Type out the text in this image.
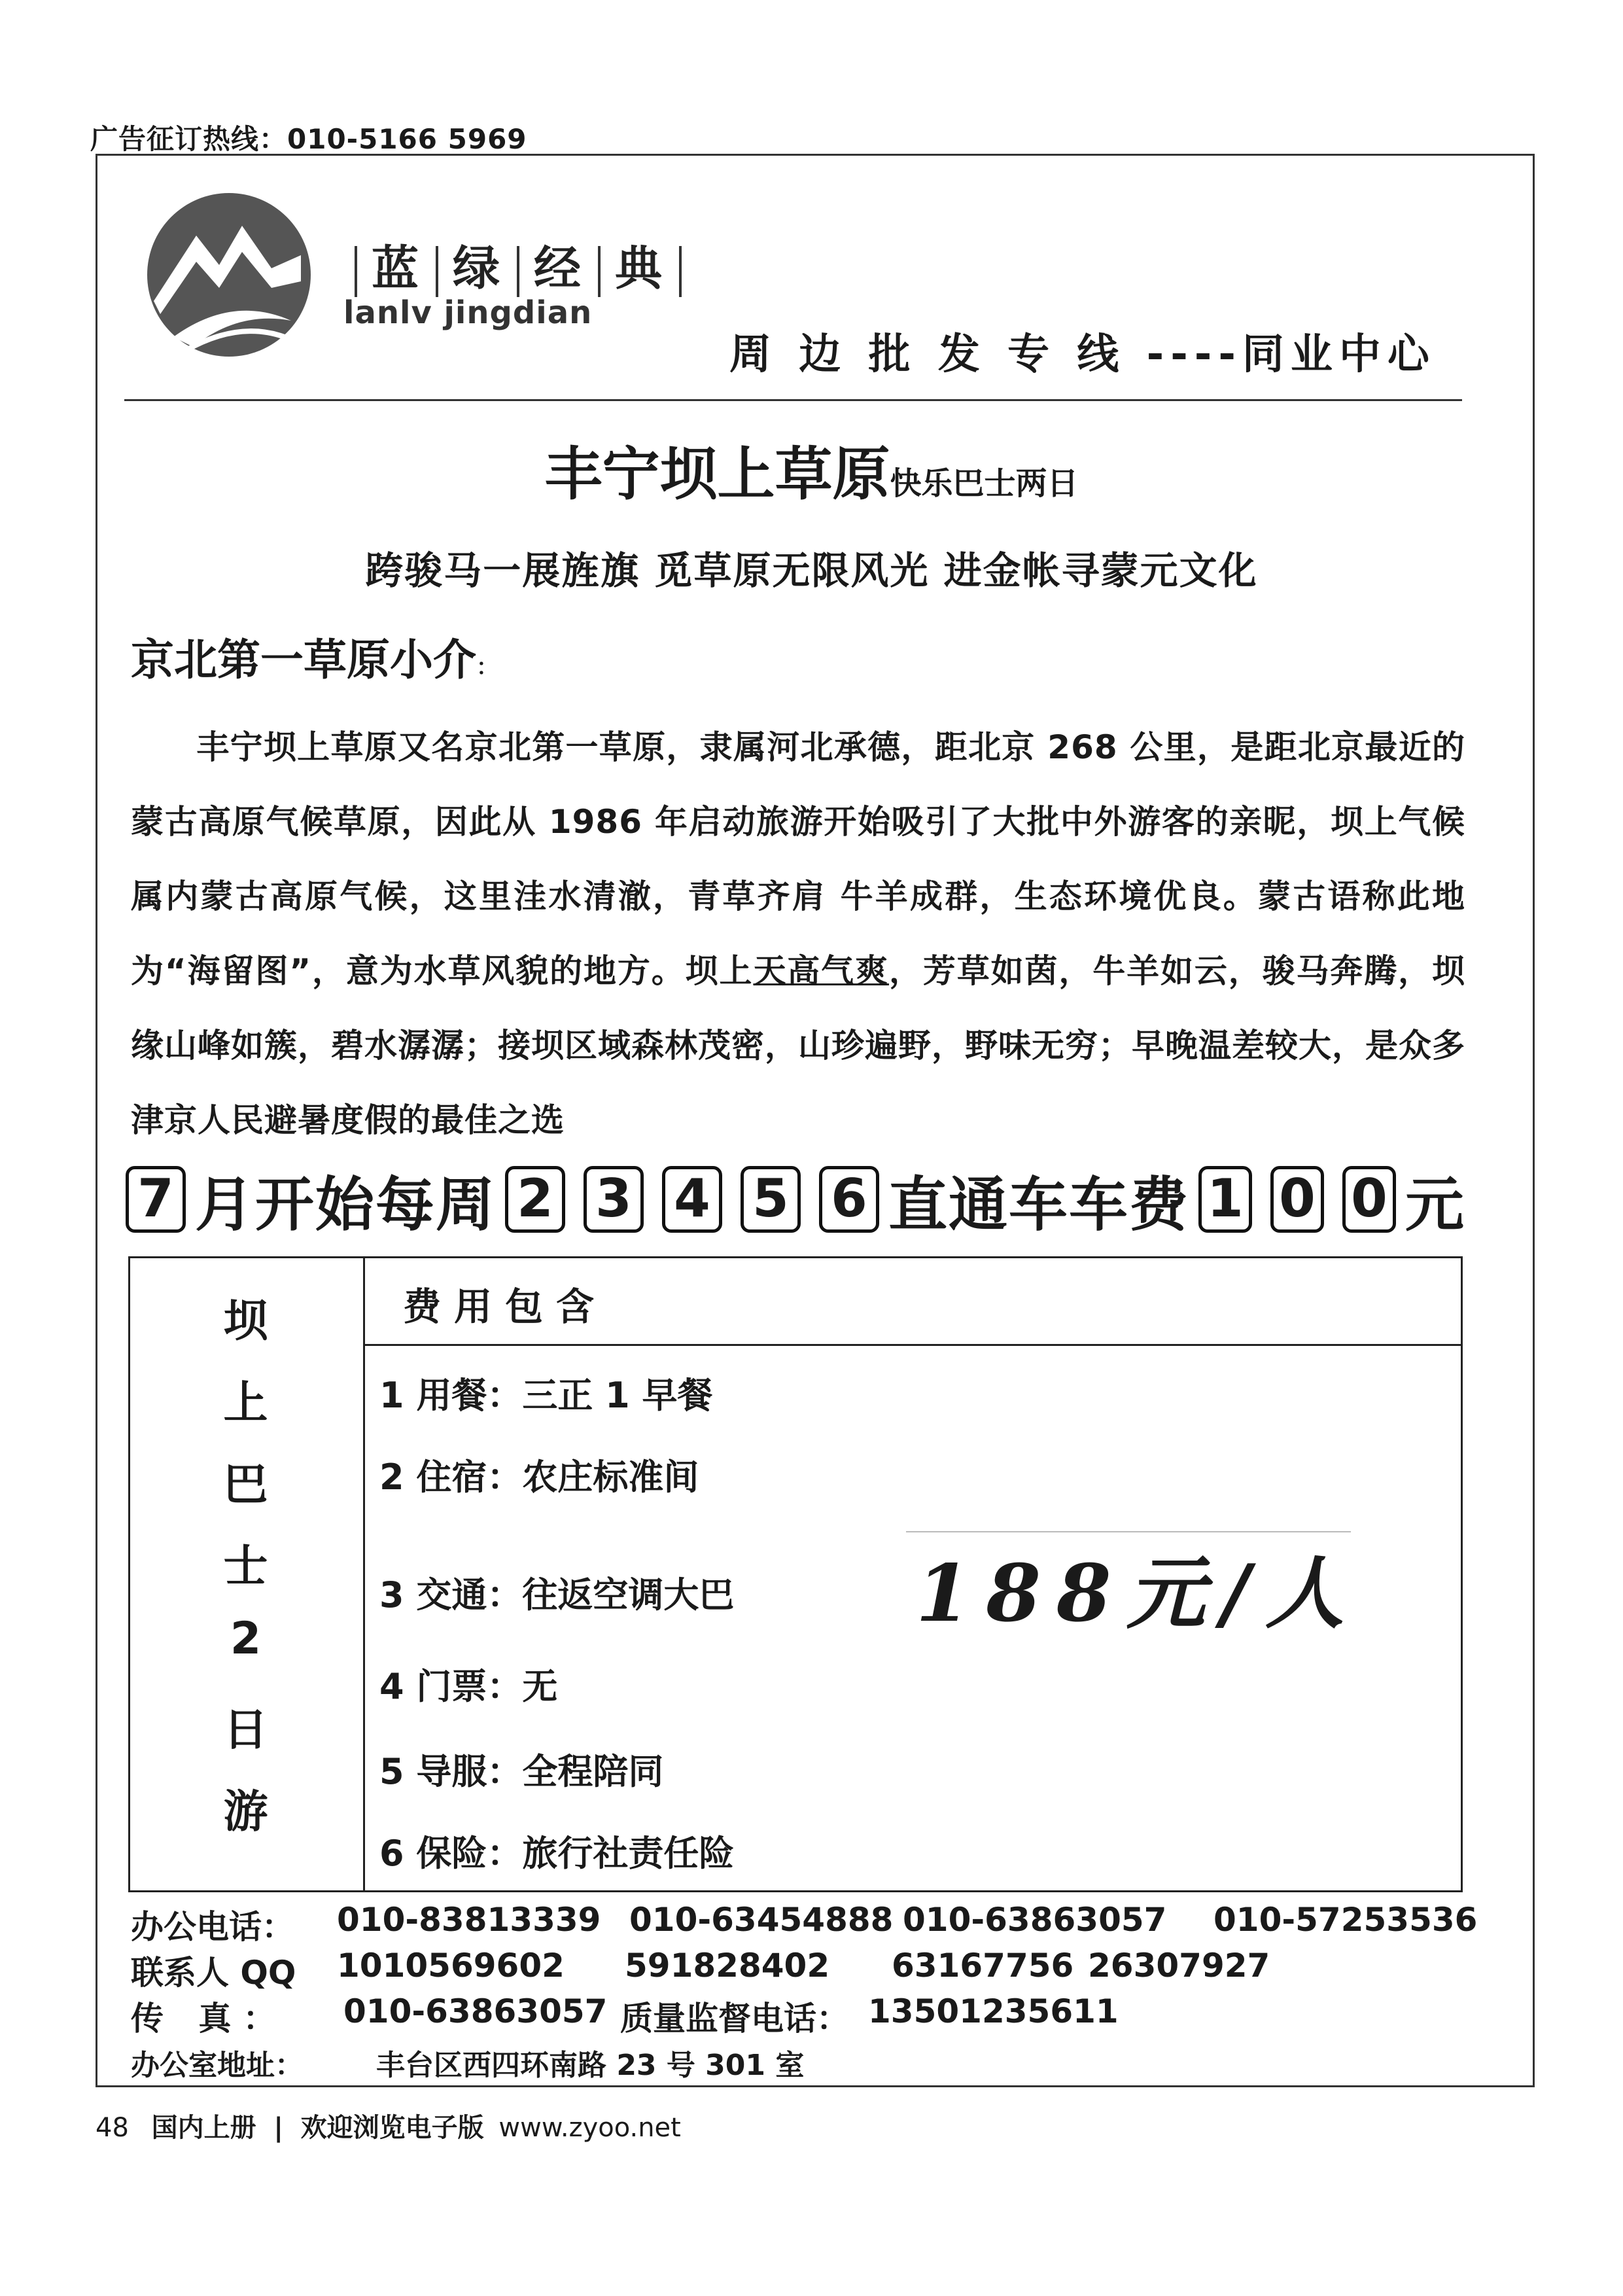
广告征订热线：010-5166 5969
蓝 绿 经 典
lanlv jingdian
周 边 批 发 专 线 ----同业中心
丰宁坝上草原快乐巴士两日
跨骏马一展旌旗 觅草原无限风光 进金帐寻蒙元文化
京北第一草原小介：
丰宁坝上草原又名京北第一草原，隶属河北承德，距北京 268 公里，是距北京最近的蒙古高原气候草原，因此从 1986 年启动旅游开始吸引了大批中外游客的亲昵，坝上气候属内蒙古高原气候，这里洼水清澈，青草齐肩 牛羊成群，生态环境优良。蒙古语称此地为“海留图”，意为水草风貌的地方。坝上天高气爽，芳草如茵，牛羊如云，骏马奔腾，坝缘山峰如簇，碧水潺潺；接坝区域森林茂密，山珍遍野，野味无穷；早晚温差较大，是众多津京人民避暑度假的最佳之选
7 月开始每周 2 3 4 5 6 直通车车费 1 0 0 元
坝
上
巴
士
2
日
游
费用包含
1 用餐：三正 1 早餐
2 住宿：农庄标准间
3 交通：往返空调大巴
4 门票：无
5 导服：全程陪同
6 保险：旅行社责任险
188元/人
办公电话： 010-83813339 010-63454888 010-63863057 010-57253536
联系人 QQ 1010569602 591828402 63167756 26307927
传 真： 010-63863057 质量监督电话： 13501235611
办公室地址：	丰台区西四环南路 23 号 301 室
48 国内上册 | 欢迎浏览电子版 www.zyoo.net
